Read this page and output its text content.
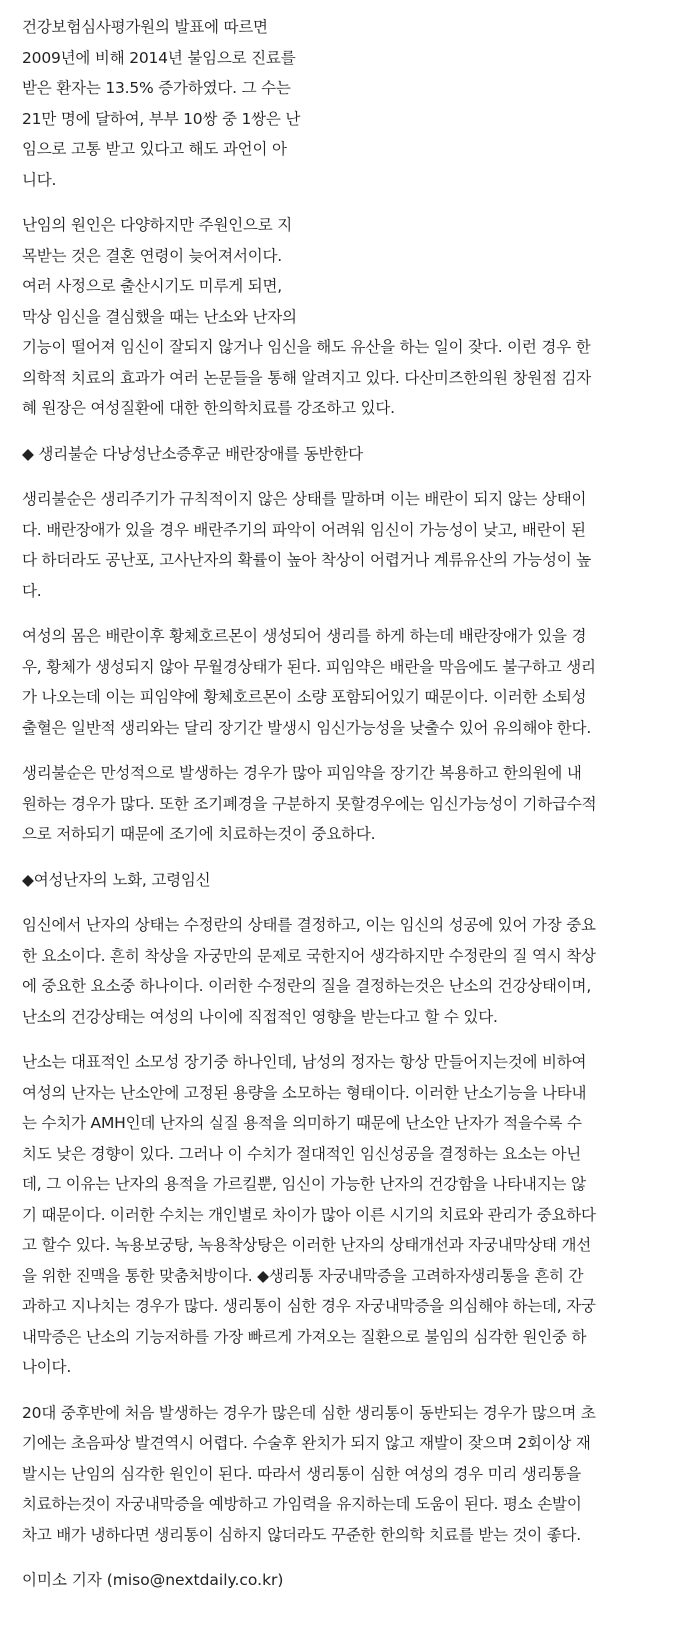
건강보험심사평가원의 발표에 따르면
2009년에 비해 2014년 불임으로 진료를
받은 환자는 13.5% 증가하였다. 그 수는
21만 명에 달하여, 부부 10쌍 중 1쌍은 난
임으로 고통 받고 있다고 해도 과언이 아
니다.

난임의 원인은 다양하지만 주원인으로 지
목받는 것은 결혼 연령이 늦어져서이다.
여러 사정으로 출산시기도 미루게 되면,
막상 임신을 결심했을 때는 난소와 난자의
기능이 떨어져 임신이 잘되지 않거나 임신을 해도 유산을 하는 일이 잦다. 이런 경우 한
의학적 치료의 효과가 여러 논문들을 통해 알려지고 있다. 다산미즈한의원 창원점 김자
혜 원장은 여성질환에 대한 한의학치료를 강조하고 있다.

◆ 생리불순 다낭성난소증후군 배란장애를 동반한다

생리불순은 생리주기가 규칙적이지 않은 상태를 말하며 이는 배란이 되지 않는 상태이
다. 배란장애가 있을 경우 배란주기의 파악이 어려워 임신이 가능성이 낮고, 배란이 된
다 하더라도 공난포, 고사난자의 확률이 높아 착상이 어렵거나 계류유산의 가능성이 높
다.

여성의 몸은 배란이후 황체호르몬이 생성되어 생리를 하게 하는데 배란장애가 있을 경
우, 황체가 생성되지 않아 무월경상태가 된다. 피임약은 배란을 막음에도 불구하고 생리
가 나오는데 이는 피임약에 황체호르몬이 소량 포함되어있기 때문이다. 이러한 소퇴성
출혈은 일반적 생리와는 달리 장기간 발생시 임신가능성을 낮출수 있어 유의해야 한다.

생리불순은 만성적으로 발생하는 경우가 많아 피임약을 장기간 복용하고 한의원에 내
원하는 경우가 많다. 또한 조기폐경을 구분하지 못할경우에는 임신가능성이 기하급수적
으로 저하되기 때문에 조기에 치료하는것이 중요하다.

◆여성난자의 노화, 고령임신

임신에서 난자의 상태는 수정란의 상태를 결정하고, 이는 임신의 성공에 있어 가장 중요
한 요소이다. 흔히 착상을 자궁만의 문제로 국한지어 생각하지만 수정란의 질 역시 착상
에 중요한 요소중 하나이다. 이러한 수정란의 질을 결정하는것은 난소의 건강상태이며,
난소의 건강상태는 여성의 나이에 직접적인 영향을 받는다고 할 수 있다.

난소는 대표적인 소모성 장기중 하나인데, 남성의 정자는 항상 만들어지는것에 비하여
여성의 난자는 난소안에 고정된 용량을 소모하는 형태이다. 이러한 난소기능을 나타내
는 수치가 AMH인데 난자의 실질 용적을 의미하기 때문에 난소안 난자가 적을수록 수
치도 낮은 경향이 있다. 그러나 이 수치가 절대적인 임신성공을 결정하는 요소는 아닌
데, 그 이유는 난자의 용적을 가르킬뿐, 임신이 가능한 난자의 건강함을 나타내지는 않
기 때문이다. 이러한 수치는 개인별로 차이가 많아 이른 시기의 치료와 관리가 중요하다
고 할수 있다. 녹용보궁탕, 녹용착상탕은 이러한 난자의 상태개선과 자궁내막상태 개선
을 위한 진맥을 통한 맞춤처방이다. ◆생리통 자궁내막증을 고려하자생리통을 흔히 간
과하고 지나치는 경우가 많다. 생리통이 심한 경우 자궁내막증을 의심해야 하는데, 자궁
내막증은 난소의 기능저하를 가장 빠르게 가져오는 질환으로 불임의 심각한 원인중 하
나이다.

20대 중후반에 처음 발생하는 경우가 많은데 심한 생리통이 동반되는 경우가 많으며 초
기에는 초음파상 발견역시 어렵다. 수술후 완치가 되지 않고 재발이 잦으며 2회이상 재
발시는 난임의 심각한 원인이 된다. 따라서 생리통이 심한 여성의 경우 미리 생리통을
치료하는것이 자궁내막증을 예방하고 가임력을 유지하는데 도움이 된다. 평소 손발이
차고 배가 냉하다면 생리통이 심하지 않더라도 꾸준한 한의학 치료를 받는 것이 좋다.

이미소 기자 (miso@nextdaily.co.kr)
